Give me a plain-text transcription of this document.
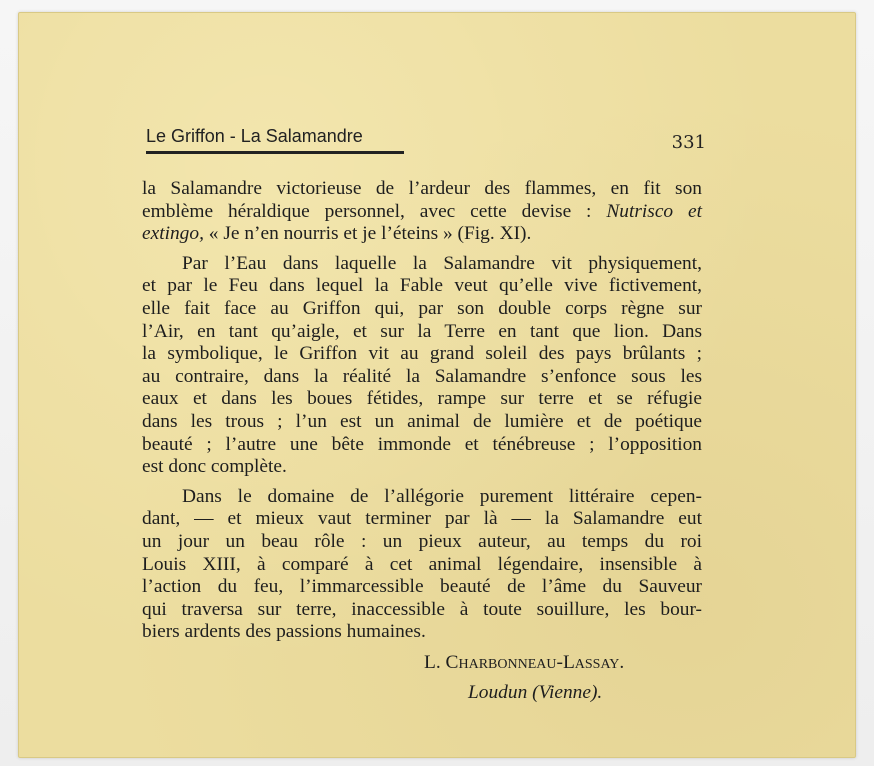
Le Griffon - La Salamandre	331

la Salamandre victorieuse de l’ardeur des flammes, en fit son
emblème héraldique personnel, avec cette devise : Nutrisco et
extingo, « Je n’en nourris et je l’éteins » (Fig. XI).

Par l’Eau dans laquelle la Salamandre vit physiquement,
et par le Feu dans lequel la Fable veut qu’elle vive fictivement,
elle fait face au Griffon qui, par son double corps règne sur
l’Air, en tant qu’aigle, et sur la Terre en tant que lion. Dans
la symbolique, le Griffon vit au grand soleil des pays brûlants ;
au contraire, dans la réalité la Salamandre s’enfonce sous les
eaux et dans les boues fétides, rampe sur terre et se réfugie
dans les trous ; l’un est un animal de lumière et de poétique
beauté ; l’autre une bête immonde et ténébreuse ; l’opposition
est donc complète.

Dans le domaine de l’allégorie purement littéraire cepen-
dant, — et mieux vaut terminer par là — la Salamandre eut
un jour un beau rôle : un pieux auteur, au temps du roi
Louis XIII, à comparé à cet animal légendaire, insensible à
l’action du feu, l’immarcessible beauté de l’âme du Sauveur
qui traversa sur terre, inaccessible à toute souillure, les bour-
biers ardents des passions humaines.

L. Charbonneau-Lassay.
Loudun (Vienne).
